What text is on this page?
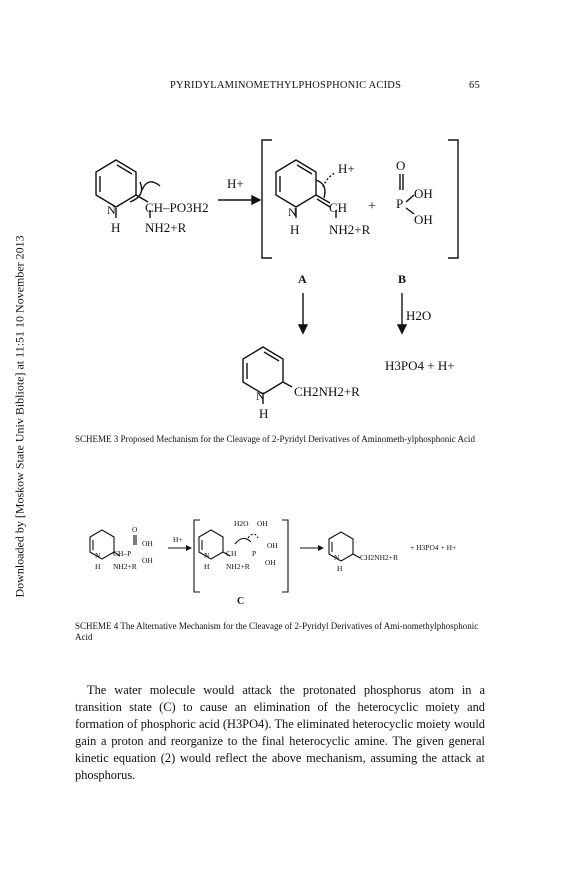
PYRIDYLAMINOMETHYLPHOSPHONIC ACIDS	65
Downloaded by [Moskow State Univ Bibliote] at 11:51 10 November 2013
N
H
CH–PO3H2
NH2+R
H+
H+
N
H
CH
NH2+R
+
O
P
OH
OH
A	B
H2O
N
H
CH2NH2+R
H3PO4 + H+
O
OH
OH
CH–P
N
H NH2+R
H+
H2O OH
OH
OH
CH P
N
H NH2+R
N
H
CH2NH2+R
+ H3PO4 + H+
C
SCHEME 3 Proposed Mechanism for the Cleavage of 2-Pyridyl Derivatives of Aminometh-ylphosphonic Acid
SCHEME 4 The Alternative Mechanism for the Cleavage of 2-Pyridyl Derivatives of Ami-nomethylphosphonic Acid
The water molecule would attack the protonated phosphorus atom in a transition state (C) to cause an elimination of the heterocyclic moiety and formation of phosphoric acid (H3PO4). The eliminated heterocyclic moiety would gain a proton and reorganize to the final heterocyclic amine. The given general kinetic equation (2) would reflect the above mechanism, assuming the attack at phosphorus.
